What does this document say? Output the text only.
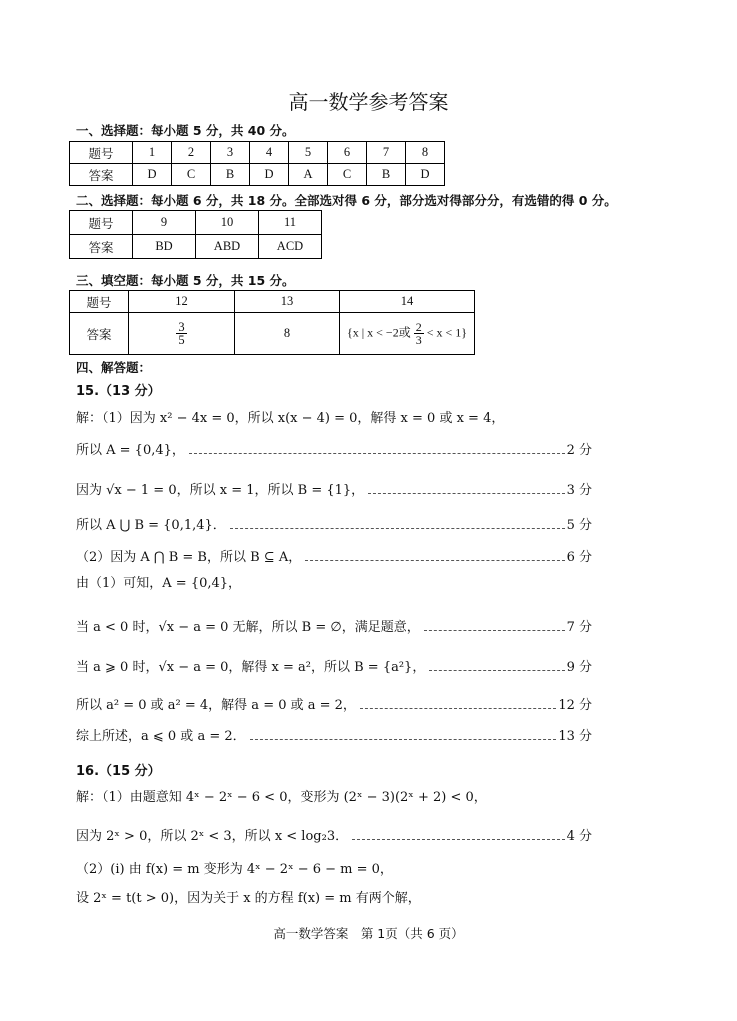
高一数学参考答案
一、选择题：每小题 5 分，共 40 分。
题号	1	2	3	4	5	6	7	8
答案	D	C	B	D	A	C	B	D
二、选择题：每小题 6 分，共 18 分。全部选对得 6 分，部分选对得部分分，有选错的得 0 分。
题号	9	10	11
答案	BD	ABD	ACD
三、填空题：每小题 5 分，共 15 分。
题号	12	13	14
答案	$\frac{3}{5}$	8	{x | x < −2或 $\frac{2}{3} < x < 1$}
四、解答题：
15.（13 分）
解：（1）因为 x² − 4x = 0，所以 x(x − 4) = 0，解得 x = 0 或 x = 4，
所以 A = {0,4}，	2 分
因为 √x − 1 = 0，所以 x = 1，所以 B = {1}，	3 分
所以 A ⋃ B = {0,1,4}．	5 分
（2）因为 A ⋂ B = B，所以 B ⊆ A，	6 分
由（1）可知，A = {0,4}，
当 a < 0 时，√x − a = 0 无解，所以 B = ∅，满足题意，	7 分
当 a ⩾ 0 时，√x − a = 0，解得 x = a²，所以 B = {a²}，	9 分
所以 a² = 0 或 a² = 4，解得 a = 0 或 a = 2，	12 分
综上所述，a ⩽ 0 或 a = 2．	13 分
16.（15 分）
解：（1）由题意知 4ˣ − 2ˣ − 6 < 0，变形为 (2ˣ − 3)(2ˣ + 2) < 0，
因为 2ˣ > 0，所以 2ˣ < 3，所以 x < log₂3．	4 分
（2）(i) 由 f(x) = m 变形为 4ˣ − 2ˣ − 6 − m = 0，
设 2ˣ = t(t > 0)，因为关于 x 的方程 f(x) = m 有两个解，
高一数学答案　第 1页（共 6 页）
